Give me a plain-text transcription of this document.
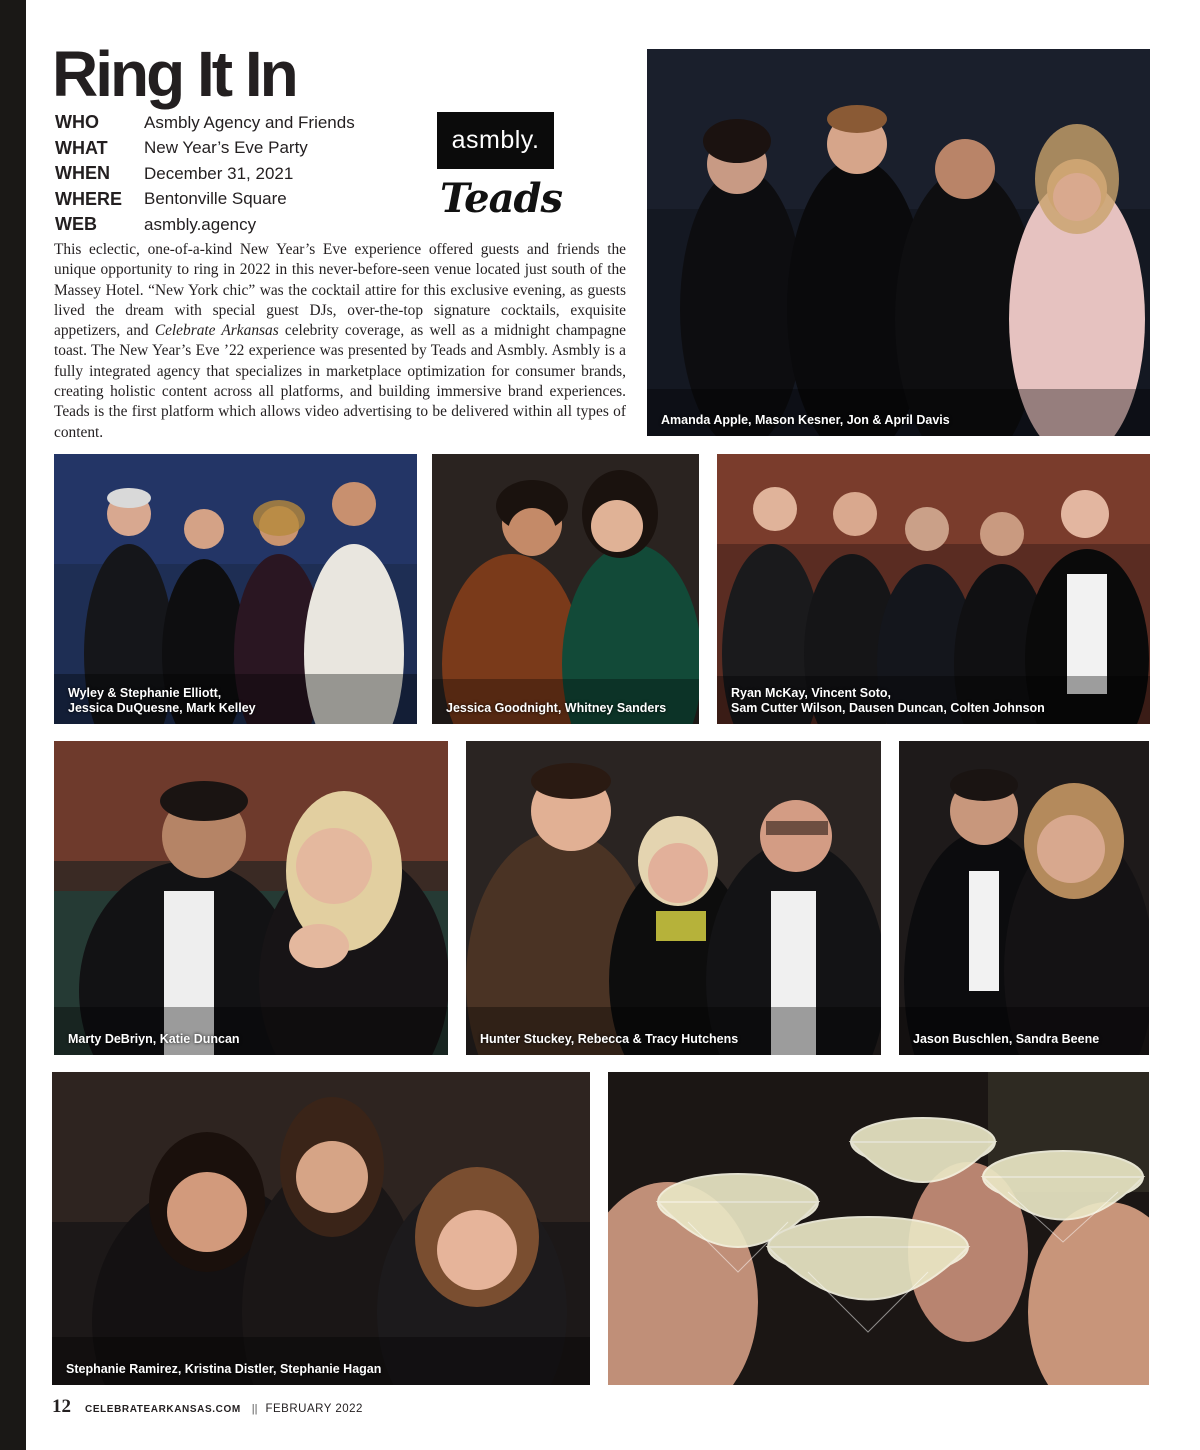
Ring It In
WHO	Asmbly Agency and Friends
WHAT	New Year’s Eve Party
WHEN	December 31, 2021
WHERE	Bentonville Square
WEB	asmbly.agency
asmbly.
Teads

This eclectic, one-of-a-kind New Year’s Eve experience offered guests and friends the unique opportunity to ring in 2022 in this never-before-seen venue located just south of the Massey Hotel. “New York chic” was the cocktail attire for this exclusive evening, as guests lived the dream with special guest DJs, over-the-top signature cocktails, exquisite appetizers, and Celebrate Arkansas celebrity coverage, as well as a midnight champagne toast. The New Year’s Eve ’22 experience was presented by Teads and Asmbly. Asmbly is a fully integrated agency that specializes in marketplace optimization for consumer brands, creating holistic content across all platforms, and building immersive brand experiences. Teads is the first platform which allows video advertising to be delivered within all types of content.

Amanda Apple, Mason Kesner, Jon & April Davis
Wyley & Stephanie Elliott,
Jessica DuQuesne, Mark Kelley	Jessica Goodnight, Whitney Sanders
Ryan McKay, Vincent Soto,
Sam Cutter Wilson, Dausen Duncan, Colten Johnson
Marty DeBriyn, Katie Duncan	Hunter Stuckey, Rebecca & Tracy Hutchens	Jason Buschlen, Sandra Beene
Stephanie Ramirez, Kristina Distler, Stephanie Hagan
12 CELEBRATEARKANSAS.COM || FEBRUARY 2022
